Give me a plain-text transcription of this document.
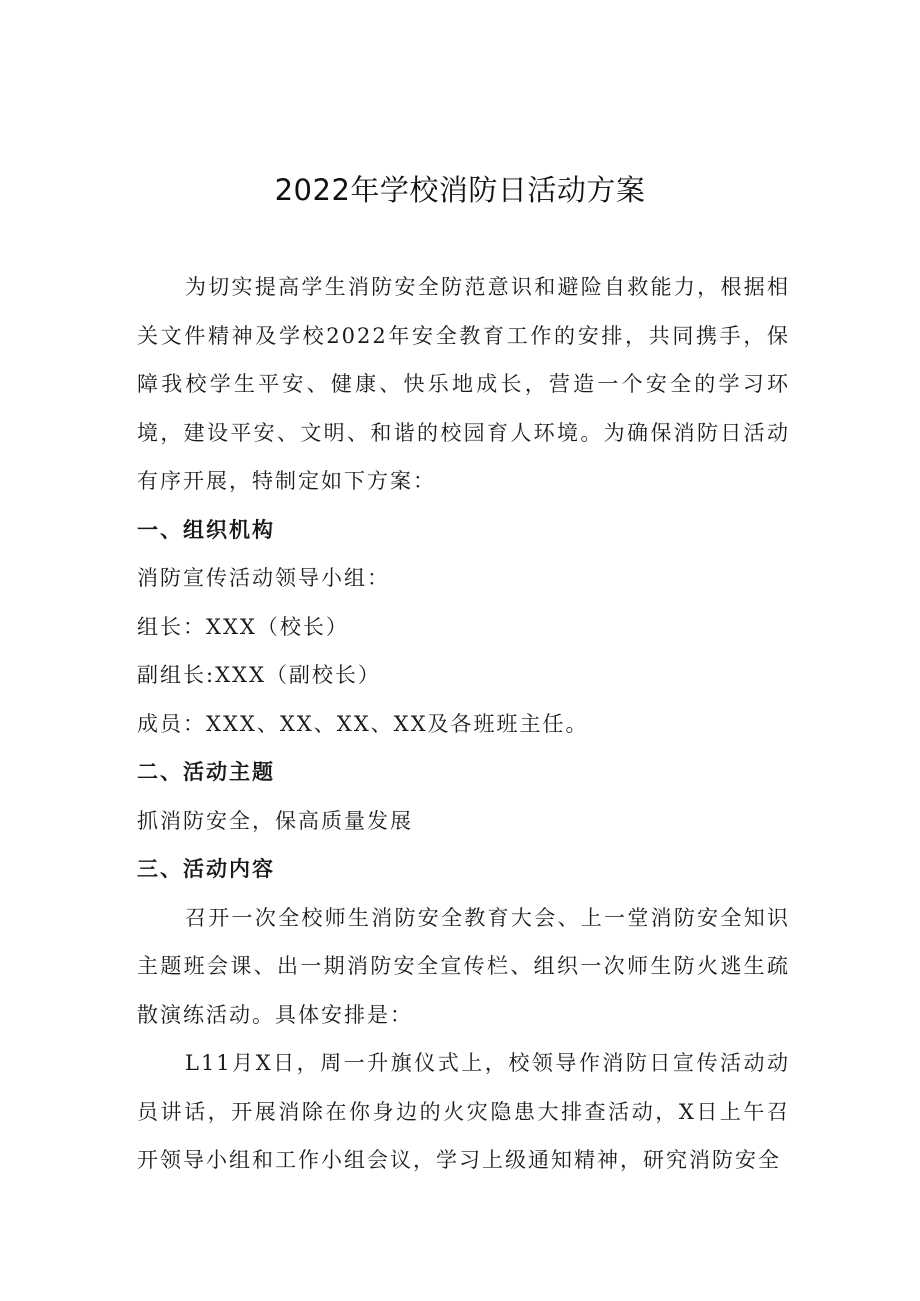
2022年学校消防日活动方案

为切实提高学生消防安全防范意识和避险自救能力，根据相关文件精神及学校2022年安全教育工作的安排，共同携手，保障我校学生平安、健康、快乐地成长，营造一个安全的学习环境，建设平安、文明、和谐的校园育人环境。为确保消防日活动有序开展，特制定如下方案：

一、组织机构

消防宣传活动领导小组：

组长：XXX（校长）

副组长:XXX（副校长）

成员：XXX、XX、XX、XX及各班班主任。

二、活动主题

抓消防安全，保高质量发展

三、活动内容

召开一次全校师生消防安全教育大会、上一堂消防安全知识主题班会课、出一期消防安全宣传栏、组织一次师生防火逃生疏散演练活动。具体安排是：

L11月X日，周一升旗仪式上，校领导作消防日宣传活动动员讲话，开展消除在你身边的火灾隐患大排查活动，X日上午召开领导小组和工作小组会议，学习上级通知精神，研究消防安全
